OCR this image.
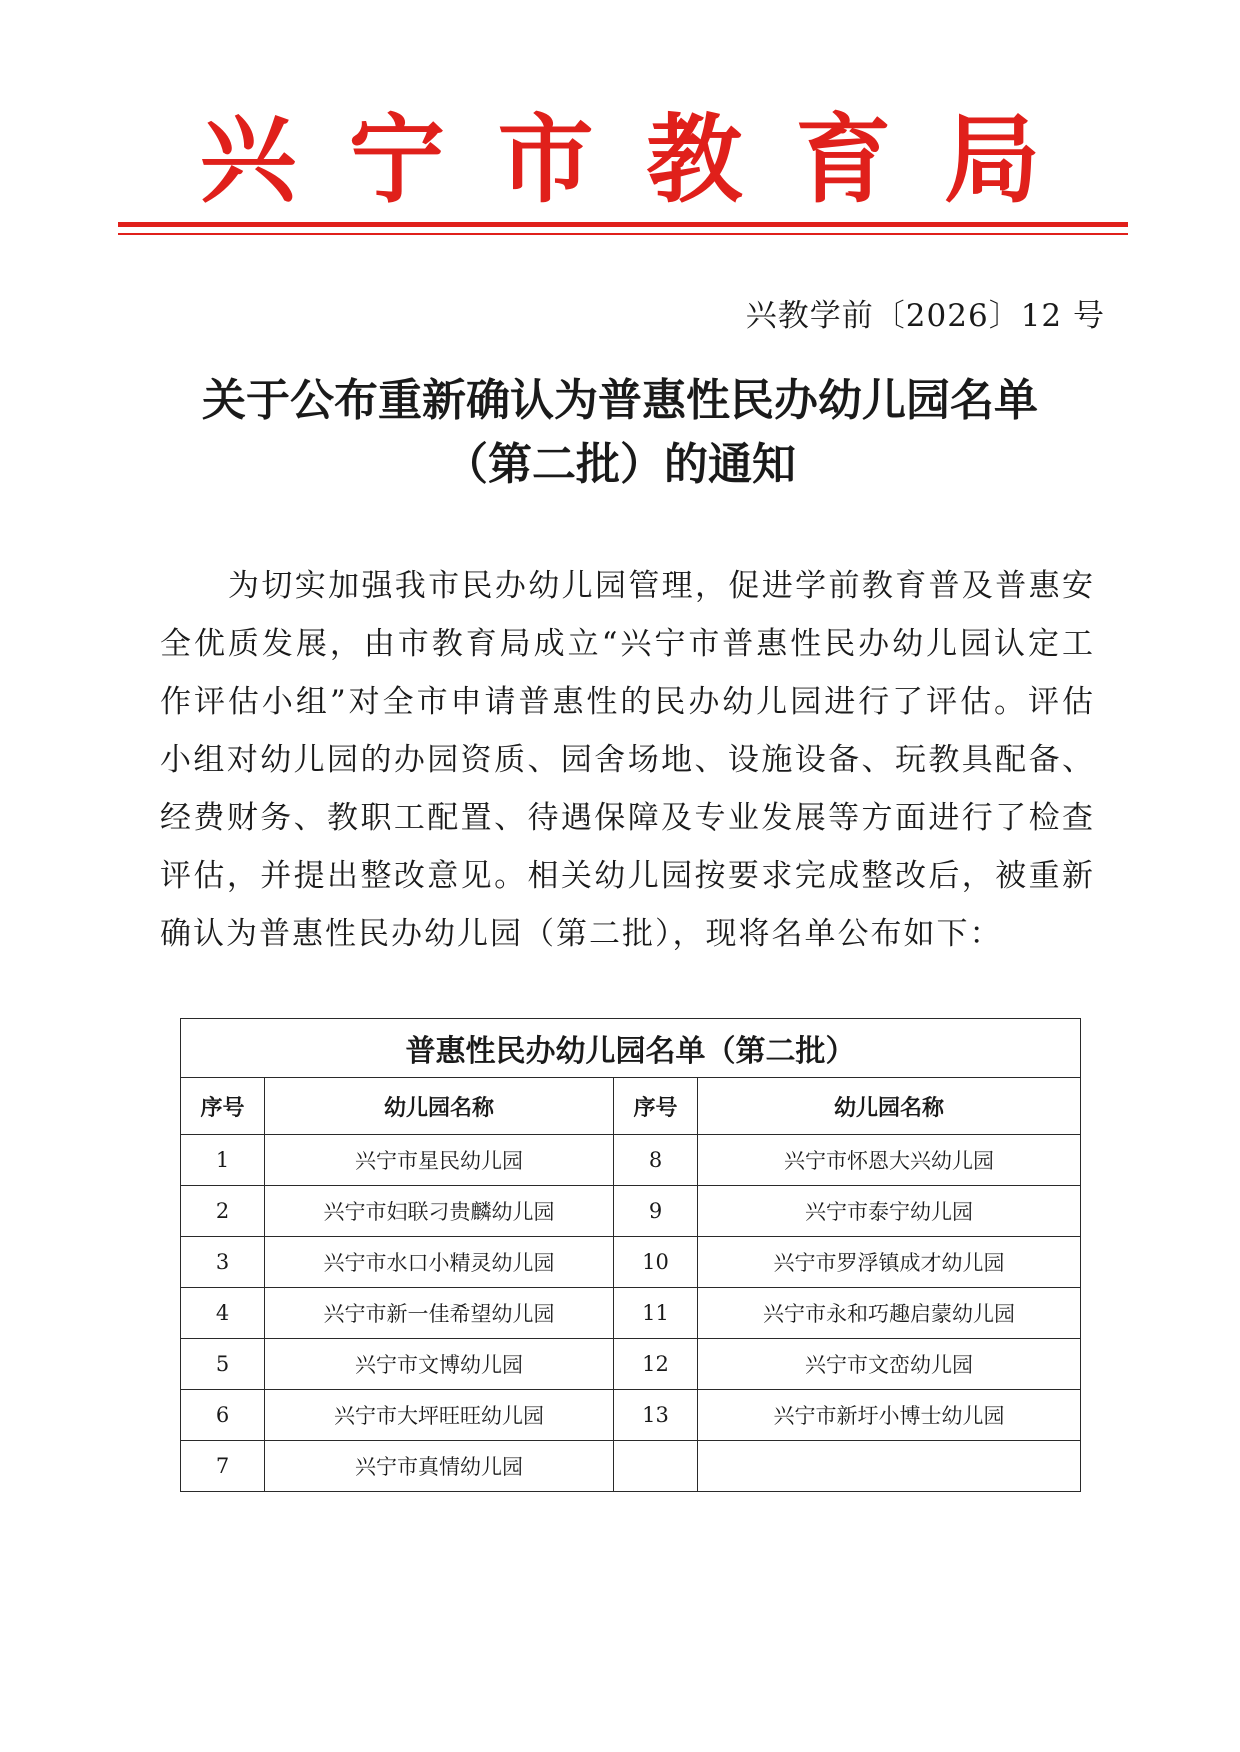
兴 宁 市 教 育 局
兴教学前〔2026〕12 号
关于公布重新确认为普惠性民办幼儿园名单
（第二批）的通知

为切实加强我市民办幼儿园管理，促进学前教育普及普惠安全优质发展，由市教育局成立“兴宁市普惠性民办幼儿园认定工作评估小组”对全市申请普惠性的民办幼儿园进行了评估。评估小组对幼儿园的办园资质、园舍场地、设施设备、玩教具配备、经费财务、教职工配置、待遇保障及专业发展等方面进行了检查评估，并提出整改意见。相关幼儿园按要求完成整改后，被重新确认为普惠性民办幼儿园（第二批），现将名单公布如下：

普惠性民办幼儿园名单（第二批）			
序号	幼儿园名称	序号	幼儿园名称
1	兴宁市星民幼儿园	8	兴宁市怀恩大兴幼儿园
2	兴宁市妇联刁贵麟幼儿园	9	兴宁市泰宁幼儿园
3	兴宁市水口小精灵幼儿园	10	兴宁市罗浮镇成才幼儿园
4	兴宁市新一佳希望幼儿园	11	兴宁市永和巧趣启蒙幼儿园
5	兴宁市文博幼儿园	12	兴宁市文峦幼儿园
6	兴宁市大坪旺旺幼儿园	13	兴宁市新圩小博士幼儿园
7	兴宁市真情幼儿园		
